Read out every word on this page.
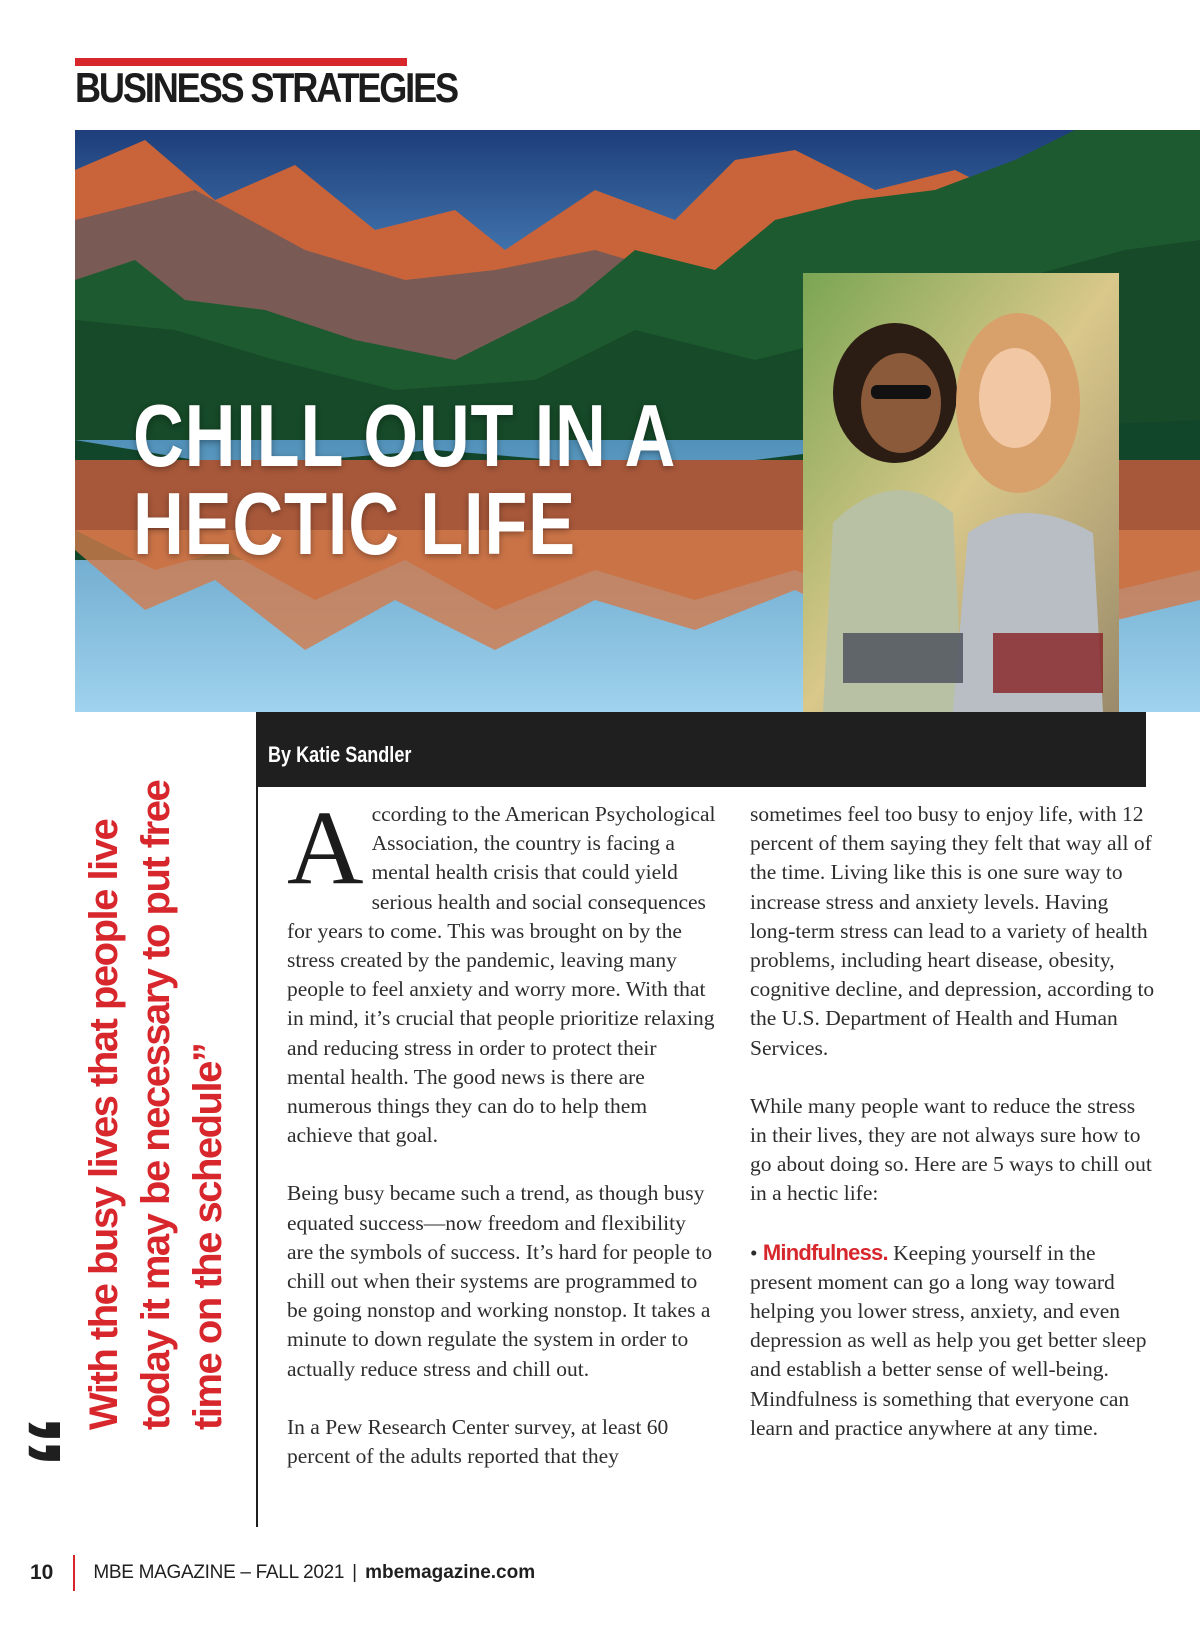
BUSINESS STRATEGIES
CHILL OUT IN A
HECTIC LIFE

By Katie Sandler

“

With the busy lives that people live today it may be necessary to put free time on the schedule”

According to the American Psychological Association, the country is facing a mental health crisis that could yield serious health and social consequences for years to come. This was brought on by the stress created by the pandemic, leaving many people to feel anxiety and worry more. With that in mind, it’s crucial that people prioritize relaxing and reducing stress in order to protect their mental health. The good news is there are numerous things they can do to help them achieve that goal.

Being busy became such a trend, as though busy equated success—now freedom and flexibility are the symbols of success. It’s hard for people to chill out when their systems are programmed to be going nonstop and working nonstop. It takes a minute to down regulate the system in order to actually reduce stress and chill out.

In a Pew Research Center survey, at least 60 percent of the adults reported that they

sometimes feel too busy to enjoy life, with 12 percent of them saying they felt that way all of the time. Living like this is one sure way to increase stress and anxiety levels. Having long-term stress can lead to a variety of health problems, including heart disease, obesity, cognitive decline, and depression, according to the U.S. Department of Health and Human Services.

While many people want to reduce the stress in their lives, they are not always sure how to go about doing so. Here are 5 ways to chill out in a hectic life:

• Mindfulness. Keeping yourself in the present moment can go a long way toward helping you lower stress, anxiety, and even depression as well as help you get better sleep and establish a better sense of well-being. Mindfulness is something that everyone can learn and practice anywhere at any time.

10 MBE MAGAZINE – FALL 2021 | mbemagazine.com
